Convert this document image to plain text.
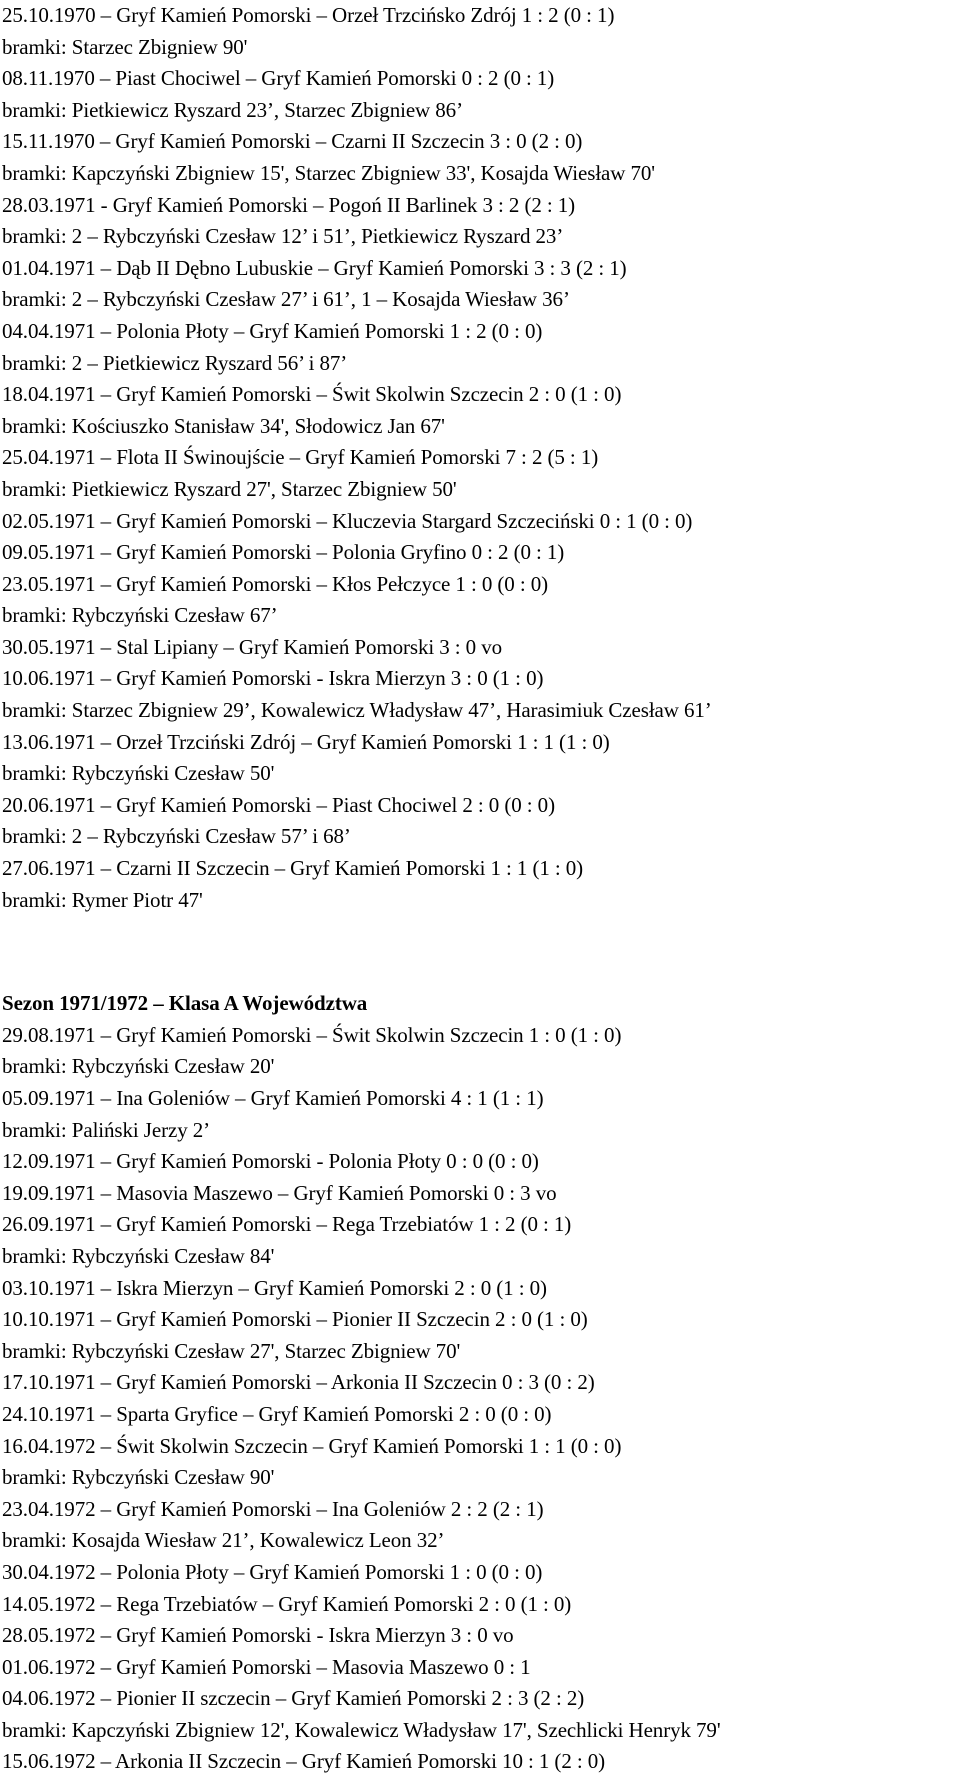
25.10.1970 – Gryf Kamień Pomorski – Orzeł Trzcińsko Zdrój 1 : 2 (0 : 1)
bramki: Starzec Zbigniew 90'
08.11.1970 – Piast Chociwel – Gryf Kamień Pomorski 0 : 2 (0 : 1)
bramki: Pietkiewicz Ryszard 23’, Starzec Zbigniew 86’
15.11.1970 – Gryf Kamień Pomorski – Czarni II Szczecin 3 : 0 (2 : 0)
bramki: Kapczyński Zbigniew 15', Starzec Zbigniew 33', Kosajda Wiesław 70'
28.03.1971 - Gryf Kamień Pomorski – Pogoń II Barlinek 3 : 2 (2 : 1)
bramki: 2 – Rybczyński Czesław 12’ i 51’, Pietkiewicz Ryszard 23’
01.04.1971 – Dąb II Dębno Lubuskie – Gryf Kamień Pomorski 3 : 3 (2 : 1)
bramki: 2 – Rybczyński Czesław 27’ i 61’, 1 – Kosajda Wiesław 36’
04.04.1971 – Polonia Płoty – Gryf Kamień Pomorski 1 : 2 (0 : 0)
bramki: 2 – Pietkiewicz Ryszard 56’ i 87’
18.04.1971 – Gryf Kamień Pomorski – Świt Skolwin Szczecin 2 : 0 (1 : 0)
bramki: Kościuszko Stanisław 34', Słodowicz Jan 67'
25.04.1971 – Flota II Świnoujście – Gryf Kamień Pomorski 7 : 2 (5 : 1)
bramki: Pietkiewicz Ryszard 27', Starzec Zbigniew 50'
02.05.1971 – Gryf Kamień Pomorski – Kluczevia Stargard Szczeciński 0 : 1 (0 : 0)
09.05.1971 – Gryf Kamień Pomorski – Polonia Gryfino 0 : 2 (0 : 1)
23.05.1971 – Gryf Kamień Pomorski – Kłos Pełczyce 1 : 0 (0 : 0)
bramki: Rybczyński Czesław 67’
30.05.1971 – Stal Lipiany – Gryf Kamień Pomorski 3 : 0 vo
10.06.1971 – Gryf Kamień Pomorski - Iskra Mierzyn 3 : 0 (1 : 0)
bramki: Starzec Zbigniew 29’, Kowalewicz Władysław 47’, Harasimiuk Czesław 61’
13.06.1971 – Orzeł Trzciński Zdrój – Gryf Kamień Pomorski 1 : 1 (1 : 0)
bramki: Rybczyński Czesław 50'
20.06.1971 – Gryf Kamień Pomorski – Piast Chociwel 2 : 0 (0 : 0)
bramki: 2 – Rybczyński Czesław 57’ i 68’
27.06.1971 – Czarni II Szczecin – Gryf Kamień Pomorski 1 : 1 (1 : 0)
bramki: Rymer Piotr 47'
Sezon 1971/1972 – Klasa A Województwa
29.08.1971 – Gryf Kamień Pomorski – Świt Skolwin Szczecin 1 : 0 (1 : 0)
bramki: Rybczyński Czesław 20'
05.09.1971 – Ina Goleniów – Gryf Kamień Pomorski 4 : 1 (1 : 1)
bramki: Paliński Jerzy 2’
12.09.1971 – Gryf Kamień Pomorski - Polonia Płoty 0 : 0 (0 : 0)
19.09.1971 – Masovia Maszewo – Gryf Kamień Pomorski 0 : 3 vo
26.09.1971 – Gryf Kamień Pomorski – Rega Trzebiatów 1 : 2 (0 : 1)
bramki: Rybczyński Czesław 84'
03.10.1971 – Iskra Mierzyn – Gryf Kamień Pomorski 2 : 0 (1 : 0)
10.10.1971 – Gryf Kamień Pomorski – Pionier II Szczecin 2 : 0 (1 : 0)
bramki: Rybczyński Czesław 27', Starzec Zbigniew 70'
17.10.1971 – Gryf Kamień Pomorski – Arkonia II Szczecin 0 : 3 (0 : 2)
24.10.1971 – Sparta Gryfice – Gryf Kamień Pomorski 2 : 0 (0 : 0)
16.04.1972 – Świt Skolwin Szczecin – Gryf Kamień Pomorski 1 : 1 (0 : 0)
bramki: Rybczyński Czesław 90'
23.04.1972 – Gryf Kamień Pomorski – Ina Goleniów 2 : 2 (2 : 1)
bramki: Kosajda Wiesław 21’, Kowalewicz Leon 32’
30.04.1972 – Polonia Płoty – Gryf Kamień Pomorski 1 : 0 (0 : 0)
14.05.1972 – Rega Trzebiatów – Gryf Kamień Pomorski 2 : 0 (1 : 0)
28.05.1972 – Gryf Kamień Pomorski - Iskra Mierzyn 3 : 0 vo
01.06.1972 – Gryf Kamień Pomorski – Masovia Maszewo 0 : 1
04.06.1972 – Pionier II szczecin – Gryf Kamień Pomorski 2 : 3 (2 : 2)
bramki: Kapczyński Zbigniew 12', Kowalewicz Władysław 17', Szechlicki Henryk 79'
15.06.1972 – Arkonia II Szczecin – Gryf Kamień Pomorski 10 : 1 (2 : 0)
